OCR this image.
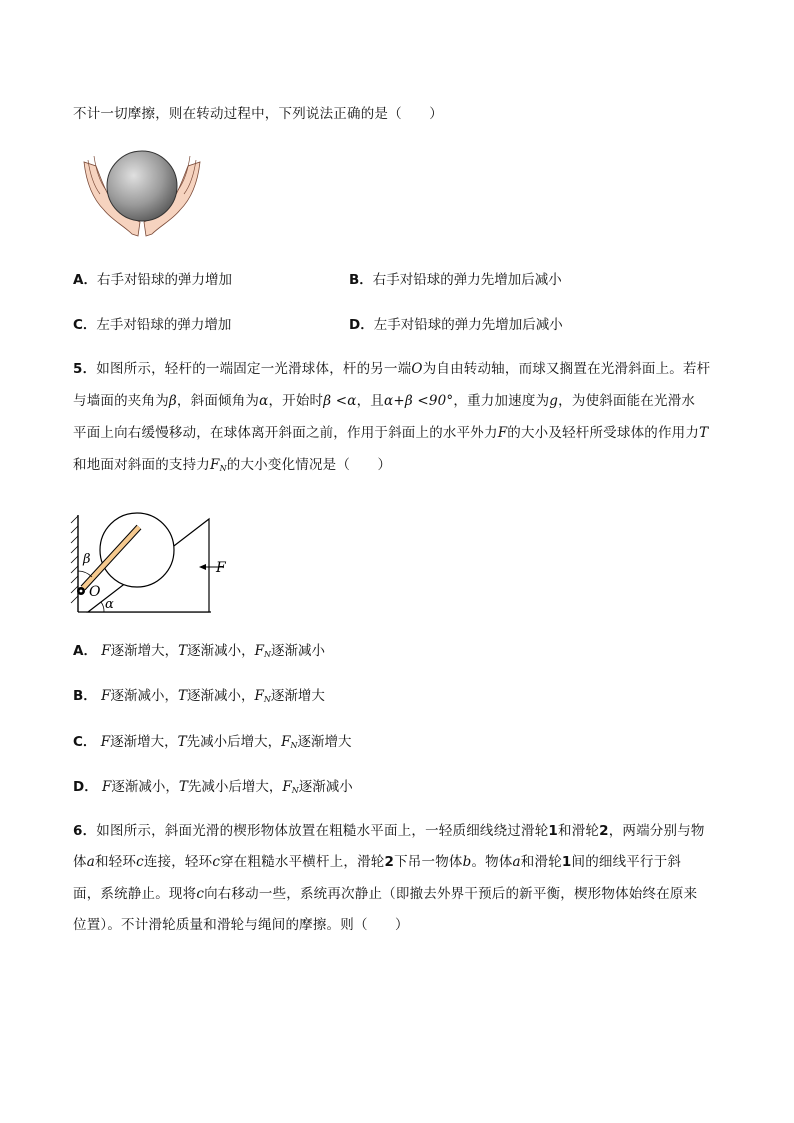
不计一切摩擦，则在转动过程中，下列说法正确的是（　　）
A．右手对铅球的弹力增加	B．右手对铅球的弹力先增加后减小
C．左手对铅球的弹力增加	D．左手对铅球的弹力先增加后减小
5．如图所示，轻杆的一端固定一光滑球体，杆的另一端O为自由转动轴，而球又搁置在光滑斜面上。若杆
与墙面的夹角为β，斜面倾角为α，开始时β <α，且α+β <90°，重力加速度为g，为使斜面能在光滑水
平面上向右缓慢移动，在球体离开斜面之前，作用于斜面上的水平外力F的大小及轻杆所受球体的作用力T
和地面对斜面的支持力$F_N$的大小变化情况是（　　）
β
O
α
F
A． F逐渐增大，T逐渐减小，$F_N$逐渐减小
B． F逐渐减小，T逐渐减小，$F_N$逐渐增大
C． F逐渐增大，T先减小后增大，$F_N$逐渐增大
D． F逐渐减小，T先减小后增大，$F_N$逐渐减小
6．如图所示，斜面光滑的楔形物体放置在粗糙水平面上，一轻质细线绕过滑轮1和滑轮2，两端分别与物
体a和轻环c连接，轻环c穿在粗糙水平横杆上，滑轮2下吊一物体b。物体a和滑轮1间的细线平行于斜
面，系统静止。现将c向右移动一些，系统再次静止（即撤去外界干预后的新平衡，楔形物体始终在原来
位置）。不计滑轮质量和滑轮与绳间的摩擦。则（　　）
